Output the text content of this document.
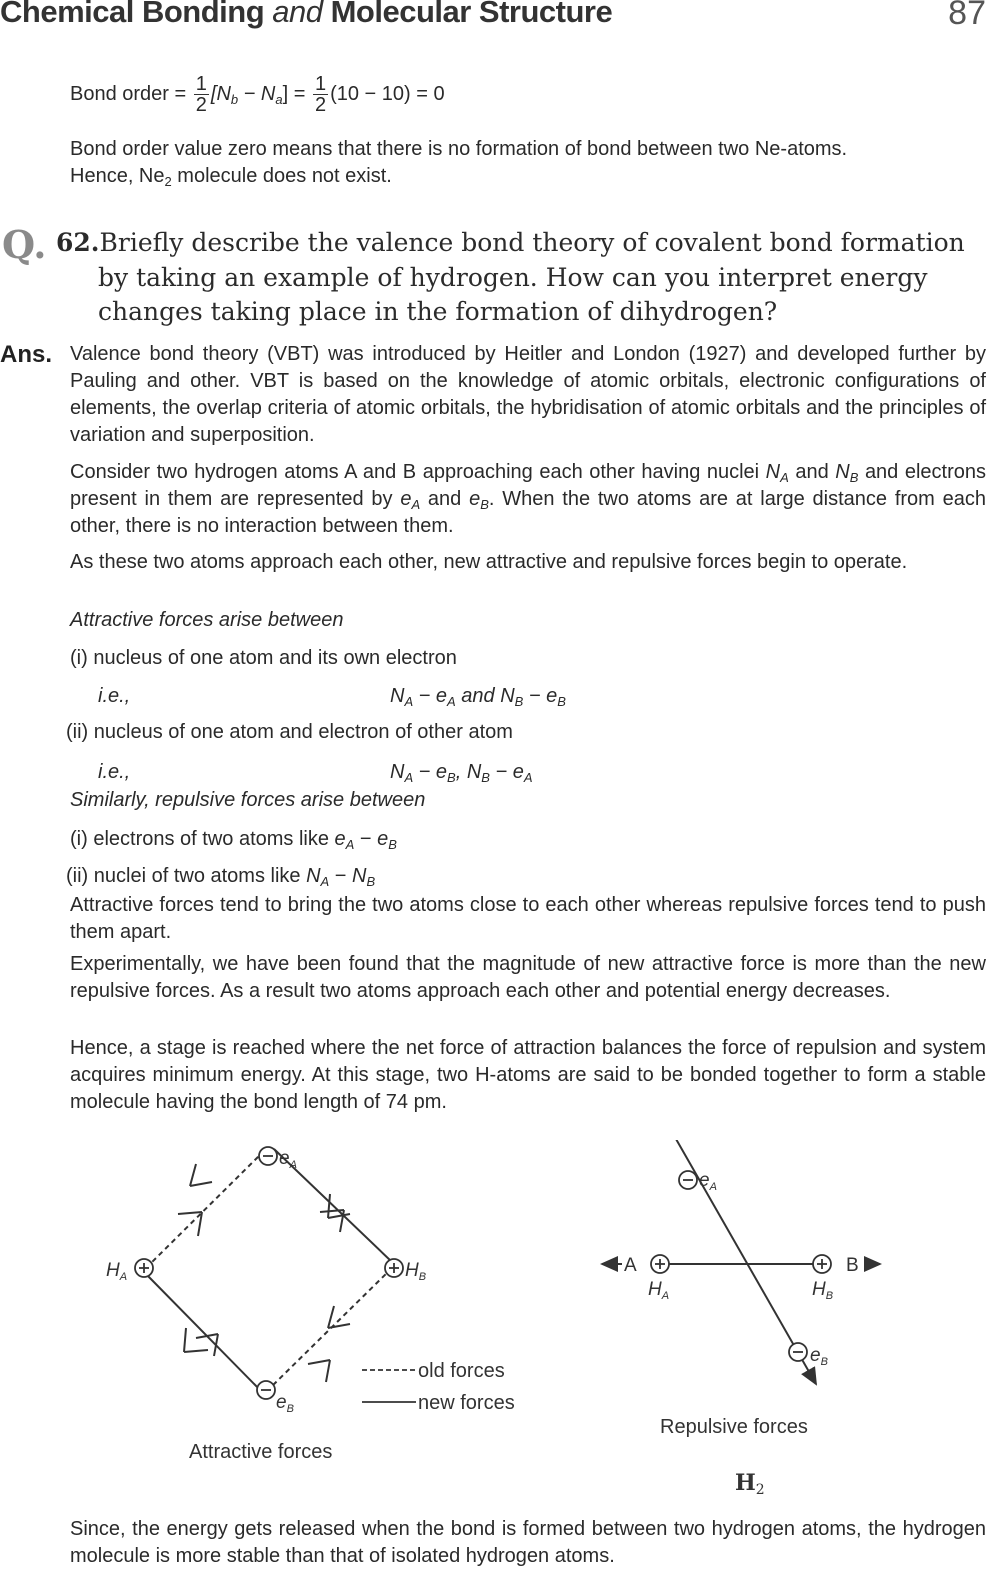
Chemical Bonding and Molecular Structure	87
Bond order = $\frac{1}{2} [N_b - N_a] = \frac{1}{2} (10 - 10) = 0$
Bond order value zero means that there is no formation of bond between two Ne-atoms.
Hence, $Ne_2$ molecule does not exist.
Q. 62.Briefly describe the valence bond theory of covalent bond formation
by taking an example of hydrogen. How can you interpret energy
changes taking place in the formation of dihydrogen?
Ans. Valence bond theory (VBT) was introduced by Heitler and London (1927) and developed further by Pauling and other. VBT is based on the knowledge of atomic orbitals, electronic configurations of elements, the overlap criteria of atomic orbitals, the hybridisation of atomic orbitals and the principles of variation and superposition.
Consider two hydrogen atoms A and B approaching each other having nuclei $N_A$ and $N_B$ and electrons present in them are represented by $e_A$ and $e_B$. When the two atoms are at large distance from each other, there is no interaction between them.
As these two atoms approach each other, new attractive and repulsive forces begin to operate.
Attractive forces arise between
(i) nucleus of one atom and its own electron
i.e.,	$N_A - e_A$ and $N_B - e_B$
(ii) nucleus of one atom and electron of other atom
i.e.,	$N_A - e_B$, $N_B - e_A$
Similarly, repulsive forces arise between
(i) electrons of two atoms like $e_A - e_B$
(ii) nuclei of two atoms like $N_A - N_B$
Attractive forces tend to bring the two atoms close to each other whereas repulsive forces tend to push them apart.
Experimentally, we have been found that the magnitude of new attractive force is more than the new repulsive forces. As a result two atoms approach each other and potential energy decreases.
Hence, a stage is reached where the net force of attraction balances the force of repulsion and system acquires minimum energy. At this stage, two H-atoms are said to be bonded together to form a stable molecule having the bond length of 74 pm.
$e_A$
$H_A$	$H_B$
$e_B$
old forces
new forces
Attractive forces
$e_A$
A	B
$H_A$	$H_B$
$e_B$
Repulsive forces
$H_2$
Since, the energy gets released when the bond is formed between two hydrogen atoms, the hydrogen molecule is more stable than that of isolated hydrogen atoms.
